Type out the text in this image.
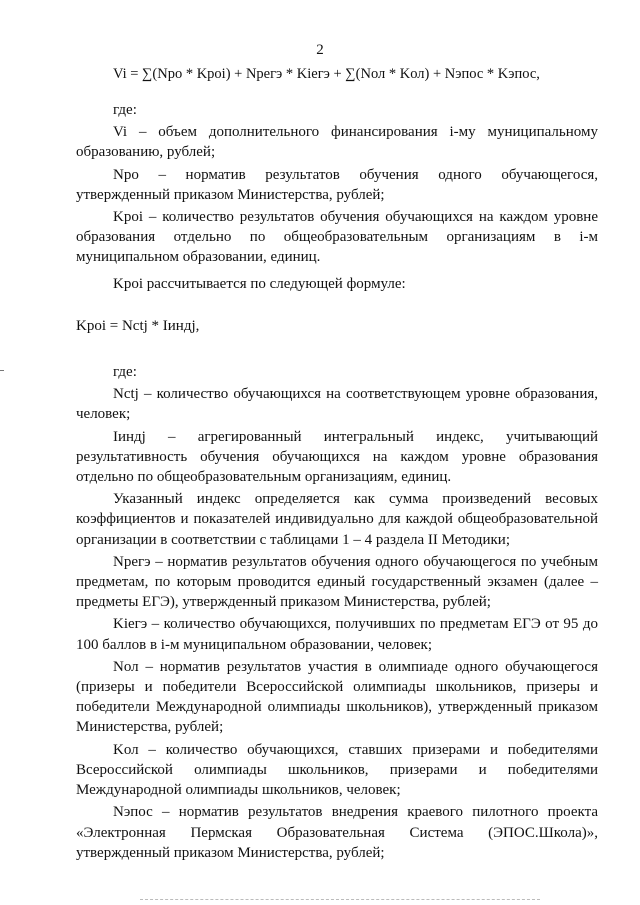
2
Vi = ∑(Nро * Kроi) + Nрегэ * Kiегэ + ∑(Nол * Kол) + Nэпос * Kэпос,

где:

Vi – объем дополнительного финансирования i-му муниципальному образованию, рублей;

Nро – норматив результатов обучения одного обучающегося, утвержденный приказом Министерства, рублей;

Kроi – количество результатов обучения обучающихся на каждом уровне образования отдельно по общеобразовательным организациям в i-м муниципальном образовании, единиц.

Kроi рассчитывается по следующей формуле:

Kроi = Nctj * Iиндj,

где:

Nctj – количество обучающихся на соответствующем уровне образования, человек;

Iиндj – агрегированный интегральный индекс, учитывающий результативность обучения обучающихся на каждом уровне образования отдельно по общеобразовательным организациям, единиц.

Указанный индекс определяется как сумма произведений весовых коэффициентов и показателей индивидуально для каждой общеобразовательной организации в соответствии с таблицами 1 – 4 раздела II Методики;

Nрегэ – норматив результатов обучения одного обучающегося по учебным предметам, по которым проводится единый государственный экзамен (далее – предметы ЕГЭ), утвержденный приказом Министерства, рублей;

Kiегэ – количество обучающихся, получивших по предметам ЕГЭ от 95 до 100 баллов в i-м муниципальном образовании, человек;

Nол – норматив результатов участия в олимпиаде одного обучающегося (призеры и победители Всероссийской олимпиады школьников, призеры и победители Международной олимпиады школьников), утвержденный приказом Министерства, рублей;

Kол – количество обучающихся, ставших призерами и победителями Всероссийской олимпиады школьников, призерами и победителями Международной олимпиады школьников, человек;

Nэпос – норматив результатов внедрения краевого пилотного проекта «Электронная Пермская Образовательная Система (ЭПОС.Школа)», утвержденный приказом Министерства, рублей;
